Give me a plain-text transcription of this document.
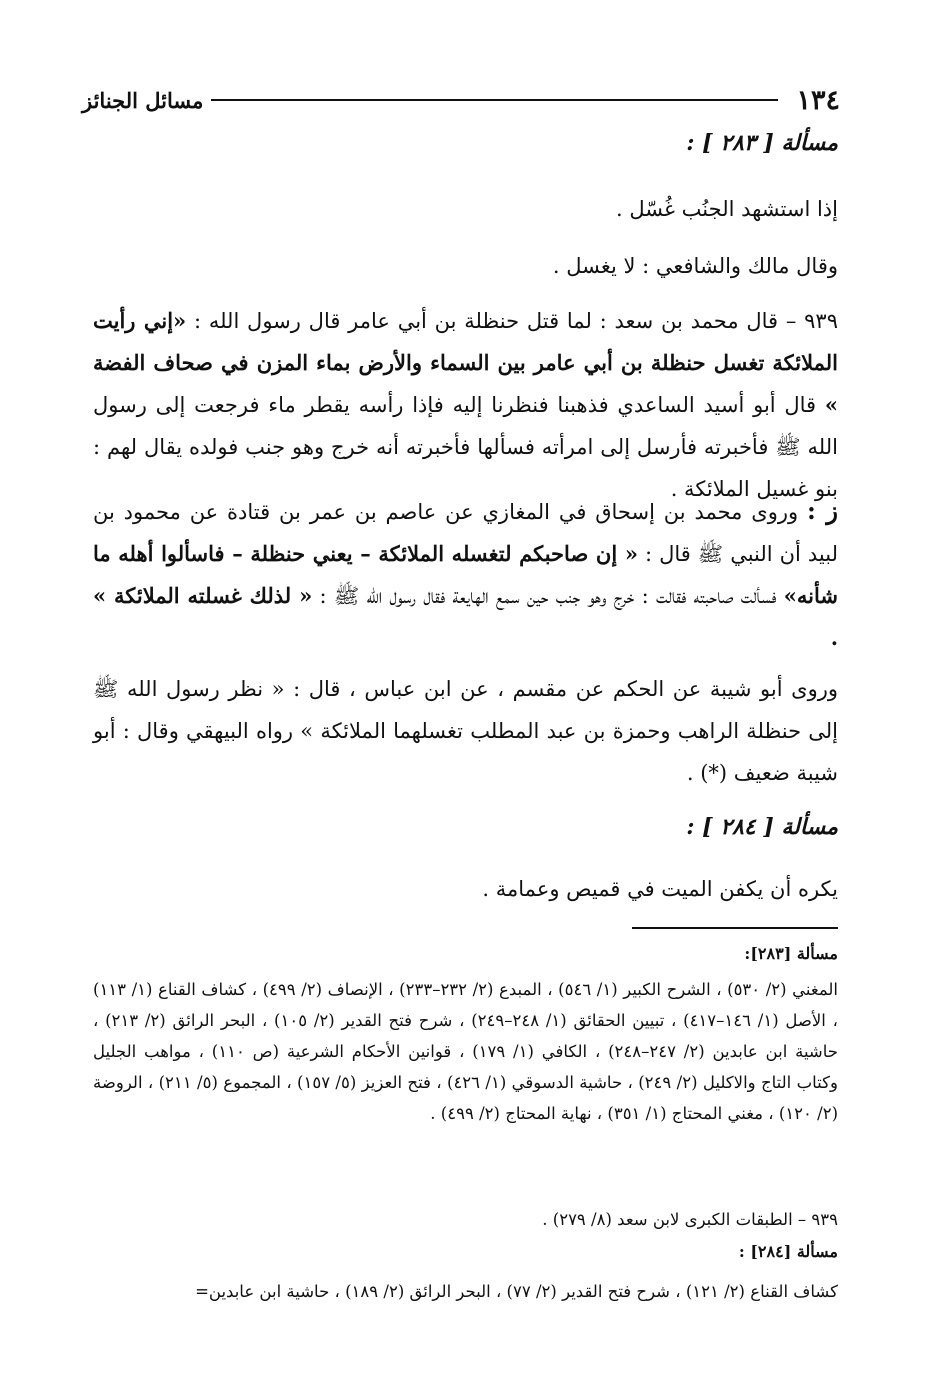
١٣٤
مسائل الجنائز
مسألة [ ٢٨٣ ] :
إذا استشهد الجنُب غُسّل .
وقال مالك والشافعي : لا يغسل .
٩٣٩ – قال محمد بن سعد : لما قتل حنظلة بن أبي عامر قال رسول الله : «إني رأيت الملائكة تغسل حنظلة بن أبي عامر بين السماء والأرض بماء المزن في صحاف الفضة » قال أبو أسيد الساعدي فذهبنا فنظرنا إليه فإذا رأسه يقطر ماء فرجعت إلى رسول الله ﷺ فأخبرته فأرسل إلى امرأته فسألها فأخبرته أنه خرج وهو جنب فولده يقال لهم : بنو غسيل الملائكة .
ز : وروى محمد بن إسحاق في المغازي عن عاصم بن عمر بن قتادة عن محمود بن لبيد أن النبي ﷺ قال : « إن صاحبكم لتغسله الملائكة – يعني حنظلة – فاسألوا أهله ما شأنه» فسألت صاحبته فقالت : خرج وهو جنب حين سمع الهايعة فقال رسول الله ﷺ : « لذلك غسلته الملائكة » .
وروى أبو شيبة عن الحكم عن مقسم ، عن ابن عباس ، قال : « نظر رسول الله ﷺ إلى حنظلة الراهب وحمزة بن عبد المطلب تغسلهما الملائكة » رواه البيهقي وقال : أبو شيبة ضعيف (*) .
مسألة [ ٢٨٤ ] :
يكره أن يكفن الميت في قميص وعمامة .
مسألة [٢٨٣]:
المغني (٢/ ٥٣٠) ، الشرح الكبير (١/ ٥٤٦) ، المبدع (٢/ ٢٣٢–٢٣٣) ، الإنصاف (٢/ ٤٩٩) ، كشاف القناع (١/ ١١٣) ، الأصل (١/ ١٤٦–٤١٧) ، تبيين الحقائق (١/ ٢٤٨–٢٤٩) ، شرح فتح القدير (٢/ ١٠٥) ، البحر الرائق (٢/ ٢١٣) ، حاشية ابن عابدين (٢/ ٢٤٧–٢٤٨) ، الكافي (١/ ١٧٩) ، قوانين الأحكام الشرعية (ص ١١٠) ، مواهب الجليل وكتاب التاج والاكليل (٢/ ٢٤٩) ، حاشية الدسوقي (١/ ٤٢٦) ، فتح العزيز (٥/ ١٥٧) ، المجموع (٥/ ٢١١) ، الروضة (٢/ ١٢٠) ، مغني المحتاج (١/ ٣٥١) ، نهاية المحتاج (٢/ ٤٩٩) .
٩٣٩ – الطبقات الكبرى لابن سعد (٨/ ٢٧٩) .
مسألة [٢٨٤] :
كشاف القناع (٢/ ١٢١) ، شرح فتح القدير (٢/ ٧٧) ، البحر الرائق (٢/ ١٨٩) ، حاشية ابن عابدين=
